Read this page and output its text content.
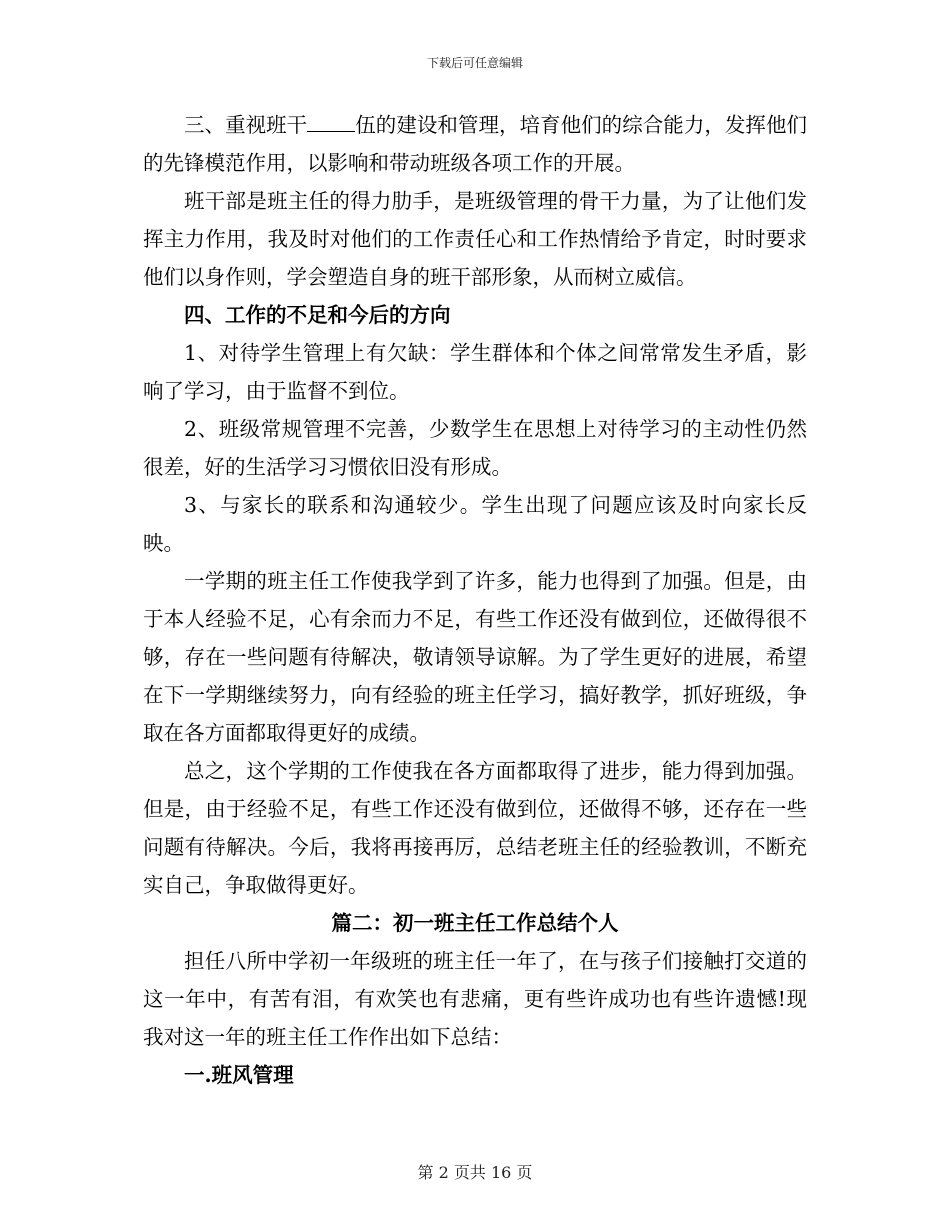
下载后可任意编辑

三、重视班干 伍的建设和管理，培育他们的综合能力，发挥他们的先锋模范作用，以影响和带动班级各项工作的开展。

班干部是班主任的得力肋手，是班级管理的骨干力量，为了让他们发挥主力作用，我及时对他们的工作责任心和工作热情给予肯定，时时要求他们以身作则，学会塑造自身的班干部形象，从而树立威信。

四、工作的不足和今后的方向

1、对待学生管理上有欠缺：学生群体和个体之间常常发生矛盾，影响了学习，由于监督不到位。

2、班级常规管理不完善，少数学生在思想上对待学习的主动性仍然很差，好的生活学习习惯依旧没有形成。

3、与家长的联系和沟通较少。学生出现了问题应该及时向家长反映。

一学期的班主任工作使我学到了许多，能力也得到了加强。但是，由于本人经验不足，心有余而力不足，有些工作还没有做到位，还做得很不够，存在一些问题有待解决，敬请领导谅解。为了学生更好的进展，希望在下一学期继续努力，向有经验的班主任学习，搞好教学，抓好班级，争取在各方面都取得更好的成绩。

总之，这个学期的工作使我在各方面都取得了进步，能力得到加强。但是，由于经验不足，有些工作还没有做到位，还做得不够，还存在一些问题有待解决。今后，我将再接再厉，总结老班主任的经验教训，不断充实自己，争取做得更好。

篇二：初一班主任工作总结个人

担任八所中学初一年级班的班主任一年了，在与孩子们接触打交道的这一年中，有苦有泪，有欢笑也有悲痛，更有些许成功也有些许遗憾!现我对这一年的班主任工作作出如下总结：

一.班风管理

第 2 页共 16 页
